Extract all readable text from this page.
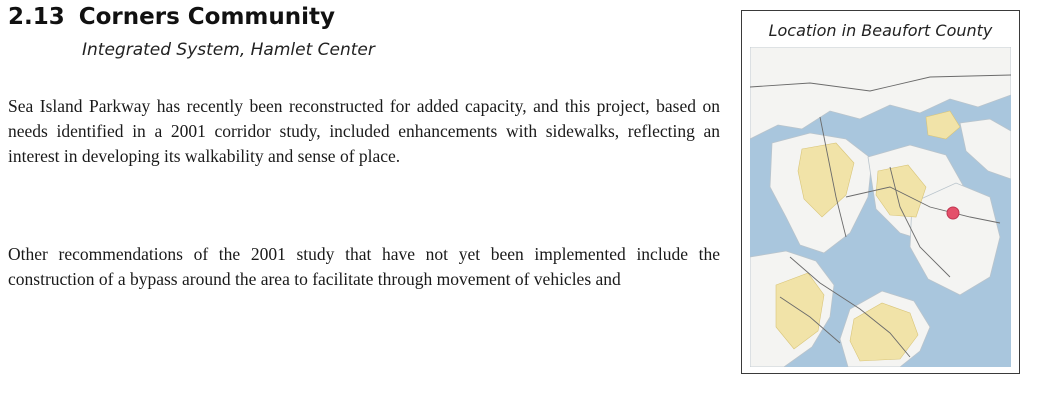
2.13 Corners Community
Integrated System, Hamlet Center

Sea Island Parkway has recently been reconstructed for added capacity, and this project, based on needs identified in a 2001 corridor study, included enhancements with sidewalks, reflecting an interest in developing its walkability and sense of place.

Other recommendations of the 2001 study that have not yet been implemented include the construction of a bypass around the area to facilitate through movement of vehicles and

Location in Beaufort County
